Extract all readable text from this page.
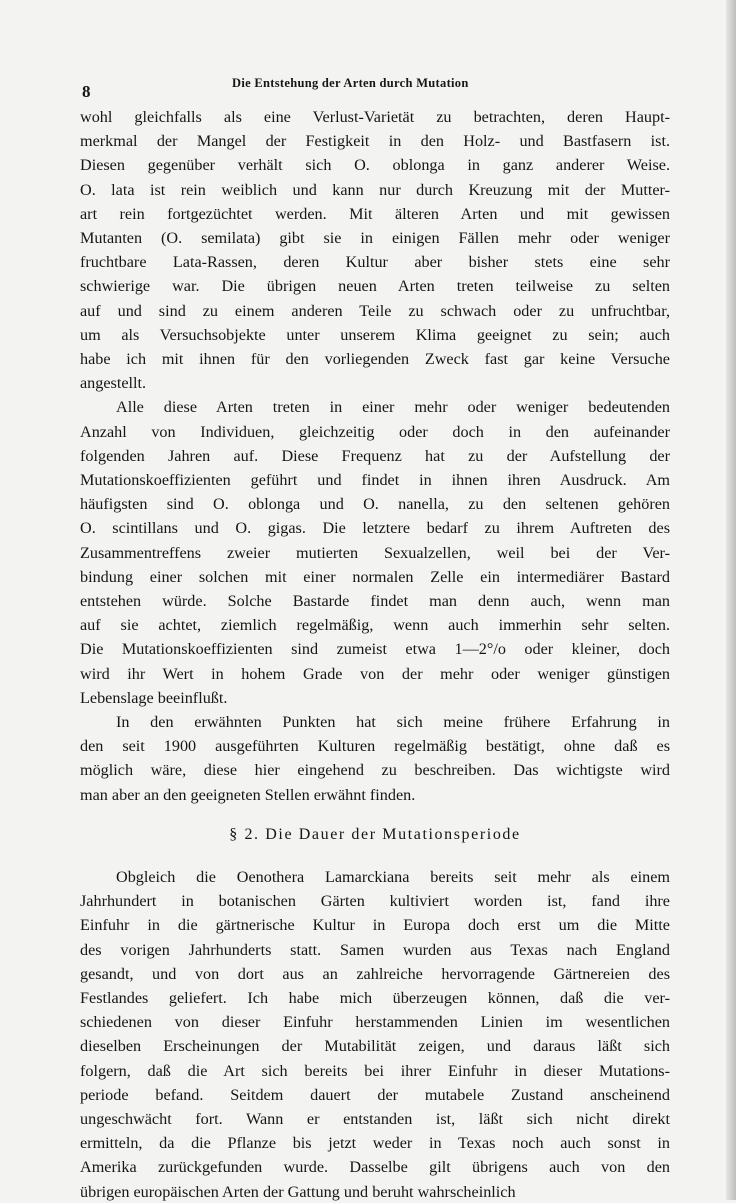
8	Die Entstehung der Arten durch Mutation
wohl gleichfalls als eine Verlust-Varietät zu betrachten, deren Haupt-
merkmal der Mangel der Festigkeit in den Holz- und Bastfasern ist.
Diesen gegenüber verhält sich O. oblonga in ganz anderer Weise.
O. lata ist rein weiblich und kann nur durch Kreuzung mit der Mutter-
art rein fortgezüchtet werden. Mit älteren Arten und mit gewissen
Mutanten (O. semilata) gibt sie in einigen Fällen mehr oder weniger
fruchtbare Lata-Rassen, deren Kultur aber bisher stets eine sehr
schwierige war. Die übrigen neuen Arten treten teilweise zu selten
auf und sind zu einem anderen Teile zu schwach oder zu unfruchtbar,
um als Versuchsobjekte unter unserem Klima geeignet zu sein; auch
habe ich mit ihnen für den vorliegenden Zweck fast gar keine Versuche
angestellt.
Alle diese Arten treten in einer mehr oder weniger bedeutenden
Anzahl von Individuen, gleichzeitig oder doch in den aufeinander
folgenden Jahren auf. Diese Frequenz hat zu der Aufstellung der
Mutationskoeffizienten geführt und findet in ihnen ihren Ausdruck. Am
häufigsten sind O. oblonga und O. nanella, zu den seltenen gehören
O. scintillans und O. gigas. Die letztere bedarf zu ihrem Auftreten des
Zusammentreffens zweier mutierten Sexualzellen, weil bei der Ver-
bindung einer solchen mit einer normalen Zelle ein intermediärer Bastard
entstehen würde. Solche Bastarde findet man denn auch, wenn man
auf sie achtet, ziemlich regelmäßig, wenn auch immerhin sehr selten.
Die Mutationskoeffizienten sind zumeist etwa 1—2°/o oder kleiner, doch
wird ihr Wert in hohem Grade von der mehr oder weniger günstigen
Lebenslage beeinflußt.
In den erwähnten Punkten hat sich meine frühere Erfahrung in
den seit 1900 ausgeführten Kulturen regelmäßig bestätigt, ohne daß es
möglich wäre, diese hier eingehend zu beschreiben. Das wichtigste wird
man aber an den geeigneten Stellen erwähnt finden.
§ 2. Die Dauer der Mutationsperiode
Obgleich die Oenothera Lamarckiana bereits seit mehr als einem
Jahrhundert in botanischen Gärten kultiviert worden ist, fand ihre
Einfuhr in die gärtnerische Kultur in Europa doch erst um die Mitte
des vorigen Jahrhunderts statt. Samen wurden aus Texas nach England
gesandt, und von dort aus an zahlreiche hervorragende Gärtnereien des
Festlandes geliefert. Ich habe mich überzeugen können, daß die ver-
schiedenen von dieser Einfuhr herstammenden Linien im wesentlichen
dieselben Erscheinungen der Mutabilität zeigen, und daraus läßt sich
folgern, daß die Art sich bereits bei ihrer Einfuhr in dieser Mutations-
periode befand. Seitdem dauert der mutabele Zustand anscheinend
ungeschwächt fort. Wann er entstanden ist, läßt sich nicht direkt
ermitteln, da die Pflanze bis jetzt weder in Texas noch auch sonst in
Amerika zurückgefunden wurde. Dasselbe gilt übrigens auch von den
übrigen europäischen Arten der Gattung und beruht wahrscheinlich
